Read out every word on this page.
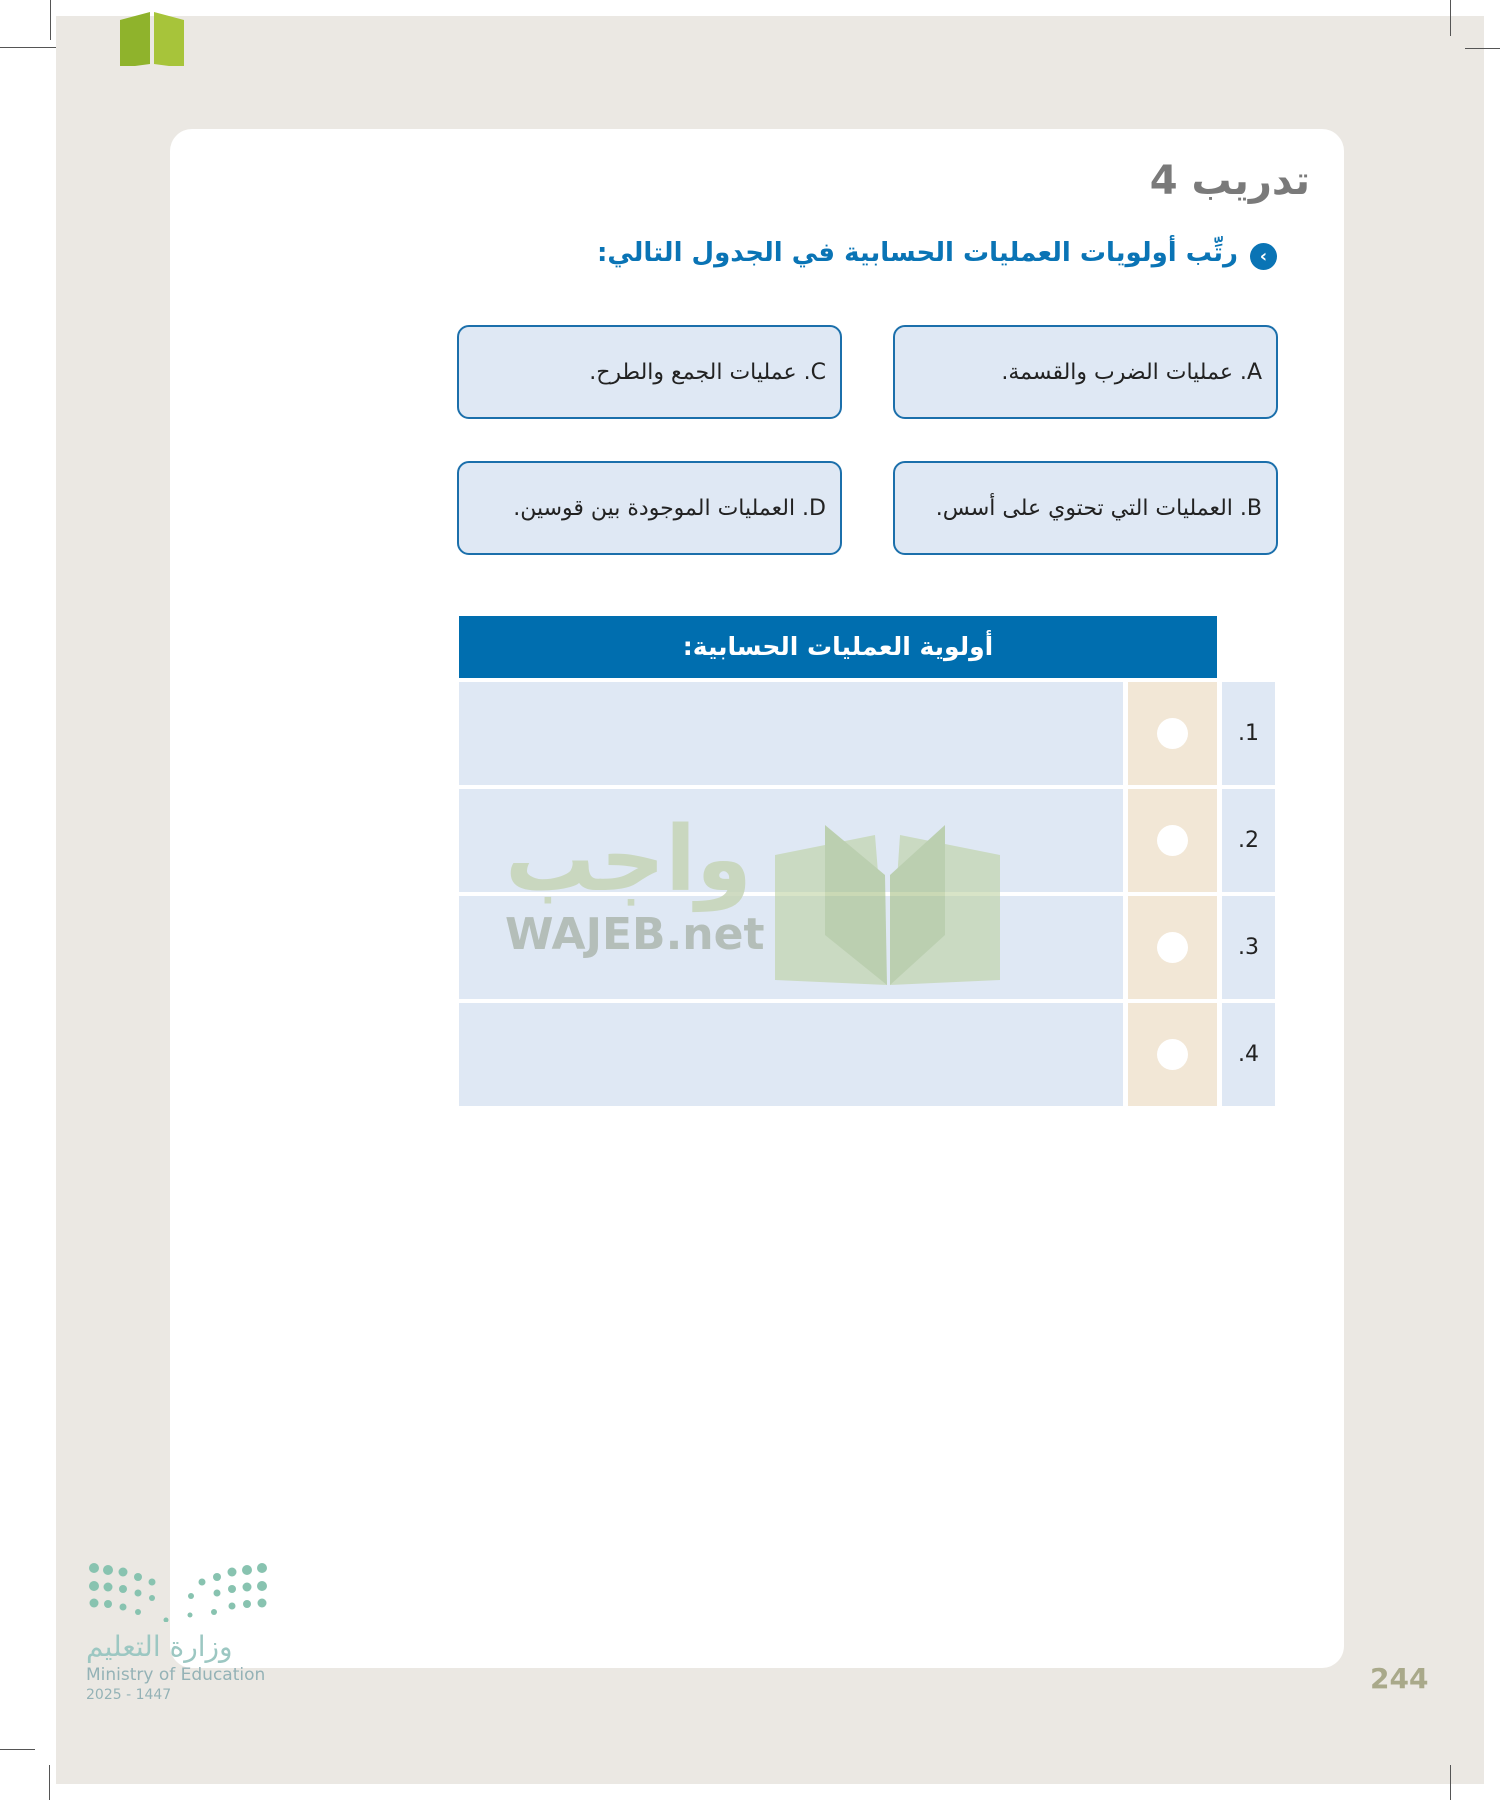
تدريب 4
‹
رتِّب أولويات العمليات الحسابية في الجدول التالي:
A. عمليات الضرب والقسمة.
C. عمليات الجمع والطرح.
B. العمليات التي تحتوي على أسس.
D. العمليات الموجودة بين قوسين.
أولوية العمليات الحسابية:
1.
2.
3.
4.
واجب
WAJEB.net
وزارة التعليم
Ministry of Education
2025 - 1447	244
